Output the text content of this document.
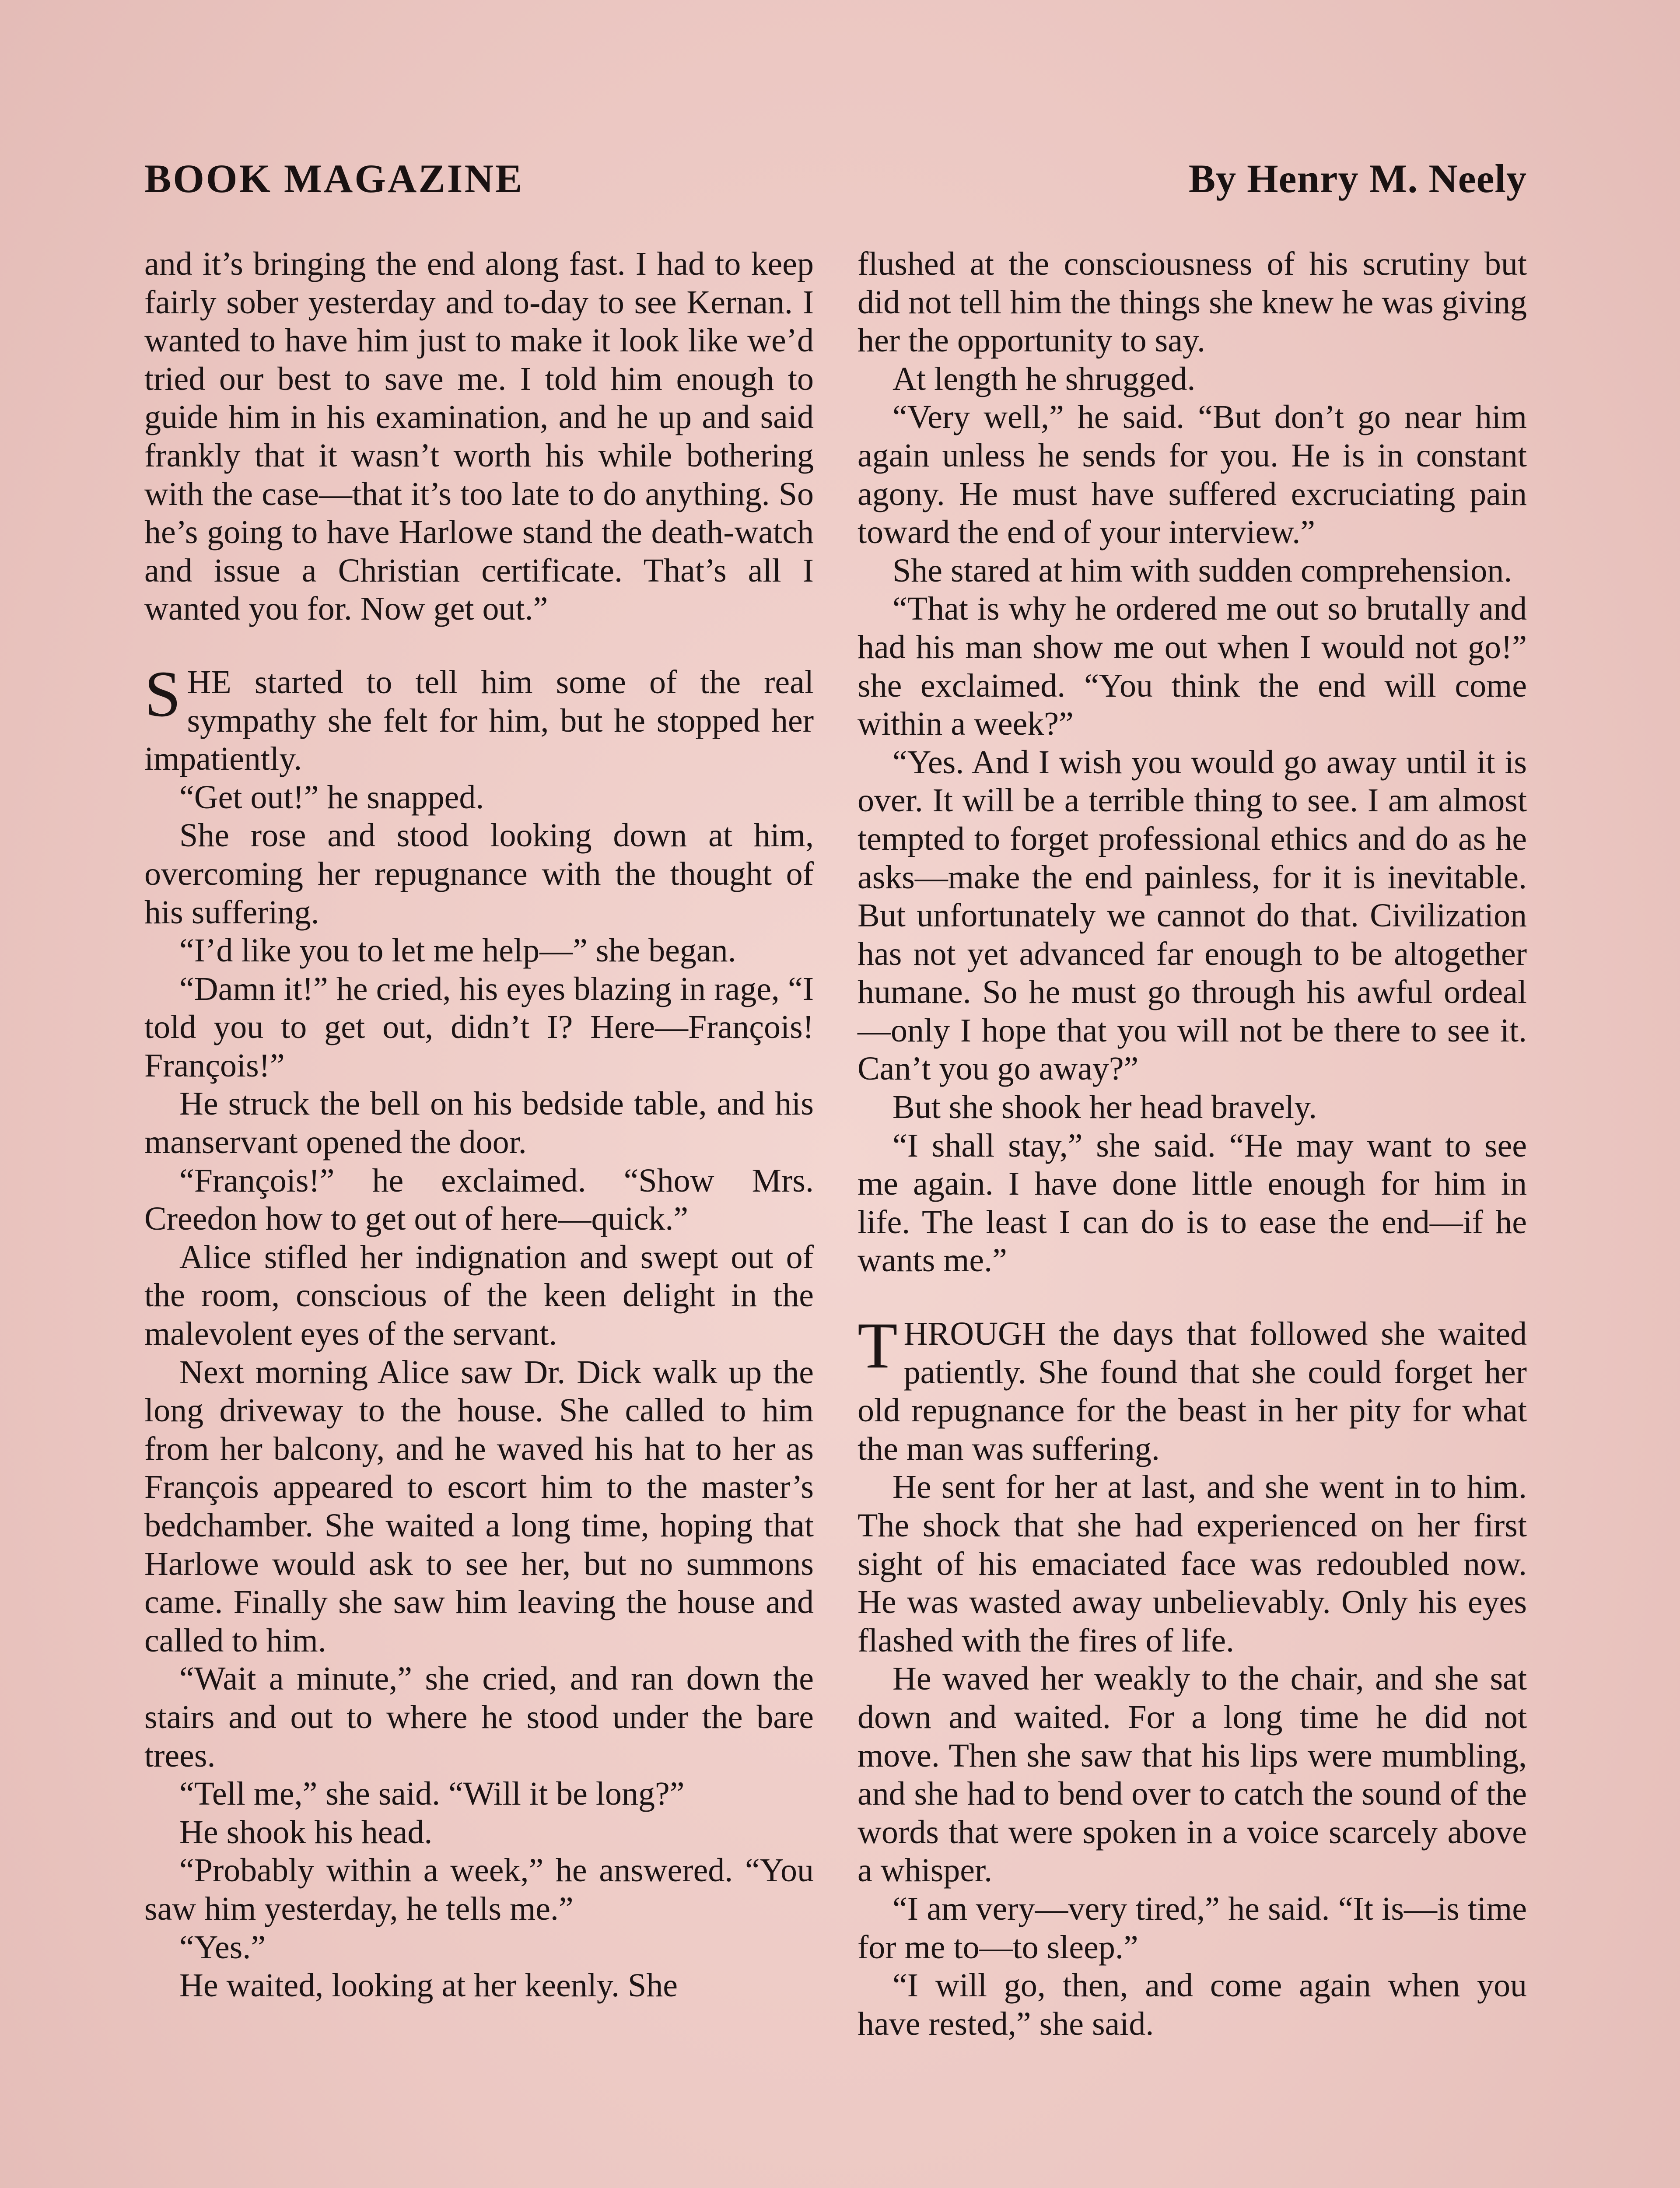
BOOK MAGAZINE	By Henry M. Neely

and it’s bringing the end along fast. I had to keep fairly sober yesterday and to-day to see Kernan. I wanted to have him just to make it look like we’d tried our best to save me. I told him enough to guide him in his examination, and he up and said frankly that it wasn’t worth his while bothering with the case—that it’s too late to do anything. So he’s going to have Harlowe stand the death-watch and issue a Christian certificate. That’s all I wanted you for. Now get out.”

SHE started to tell him some of the real sympathy she felt for him, but he stopped her impatiently.

“Get out!” he snapped.

She rose and stood looking down at him, overcoming her repugnance with the thought of his suffering.

“I’d like you to let me help—” she began.

“Damn it!” he cried, his eyes blazing in rage, “I told you to get out, didn’t I? Here—François! François!”

He struck the bell on his bedside table, and his manservant opened the door.

“François!” he exclaimed. “Show Mrs. Creedon how to get out of here—quick.”

Alice stifled her indignation and swept out of the room, conscious of the keen delight in the malevolent eyes of the servant.

Next morning Alice saw Dr. Dick walk up the long driveway to the house. She called to him from her balcony, and he waved his hat to her as François appeared to escort him to the master’s bedchamber. She waited a long time, hoping that Harlowe would ask to see her, but no summons came. Finally she saw him leaving the house and called to him.

“Wait a minute,” she cried, and ran down the stairs and out to where he stood under the bare trees.

“Tell me,” she said. “Will it be long?”

He shook his head.

“Probably within a week,” he answered. “You saw him yesterday, he tells me.”

“Yes.”

He waited, looking at her keenly. She

flushed at the consciousness of his scrutiny but did not tell him the things she knew he was giving her the opportunity to say.

At length he shrugged.

“Very well,” he said. “But don’t go near him again unless he sends for you. He is in constant agony. He must have suffered excruciating pain toward the end of your interview.”

She stared at him with sudden comprehension.

“That is why he ordered me out so brutally and had his man show me out when I would not go!” she exclaimed. “You think the end will come within a week?”

“Yes. And I wish you would go away until it is over. It will be a terrible thing to see. I am almost tempted to forget professional ethics and do as he asks—make the end painless, for it is inevitable. But unfortunately we cannot do that. Civilization has not yet advanced far enough to be altogether humane. So he must go through his awful ordeal—only I hope that you will not be there to see it. Can’t you go away?”

But she shook her head bravely.

“I shall stay,” she said. “He may want to see me again. I have done little enough for him in life. The least I can do is to ease the end—if he wants me.”

THROUGH the days that followed she waited patiently. She found that she could forget her old repugnance for the beast in her pity for what the man was suffering.

He sent for her at last, and she went in to him. The shock that she had experienced on her first sight of his emaciated face was redoubled now. He was wasted away unbelievably. Only his eyes flashed with the fires of life.

He waved her weakly to the chair, and she sat down and waited. For a long time he did not move. Then she saw that his lips were mumbling, and she had to bend over to catch the sound of the words that were spoken in a voice scarcely above a whisper.

“I am very—very tired,” he said. “It is—is time for me to—to sleep.”

“I will go, then, and come again when you have rested,” she said.
